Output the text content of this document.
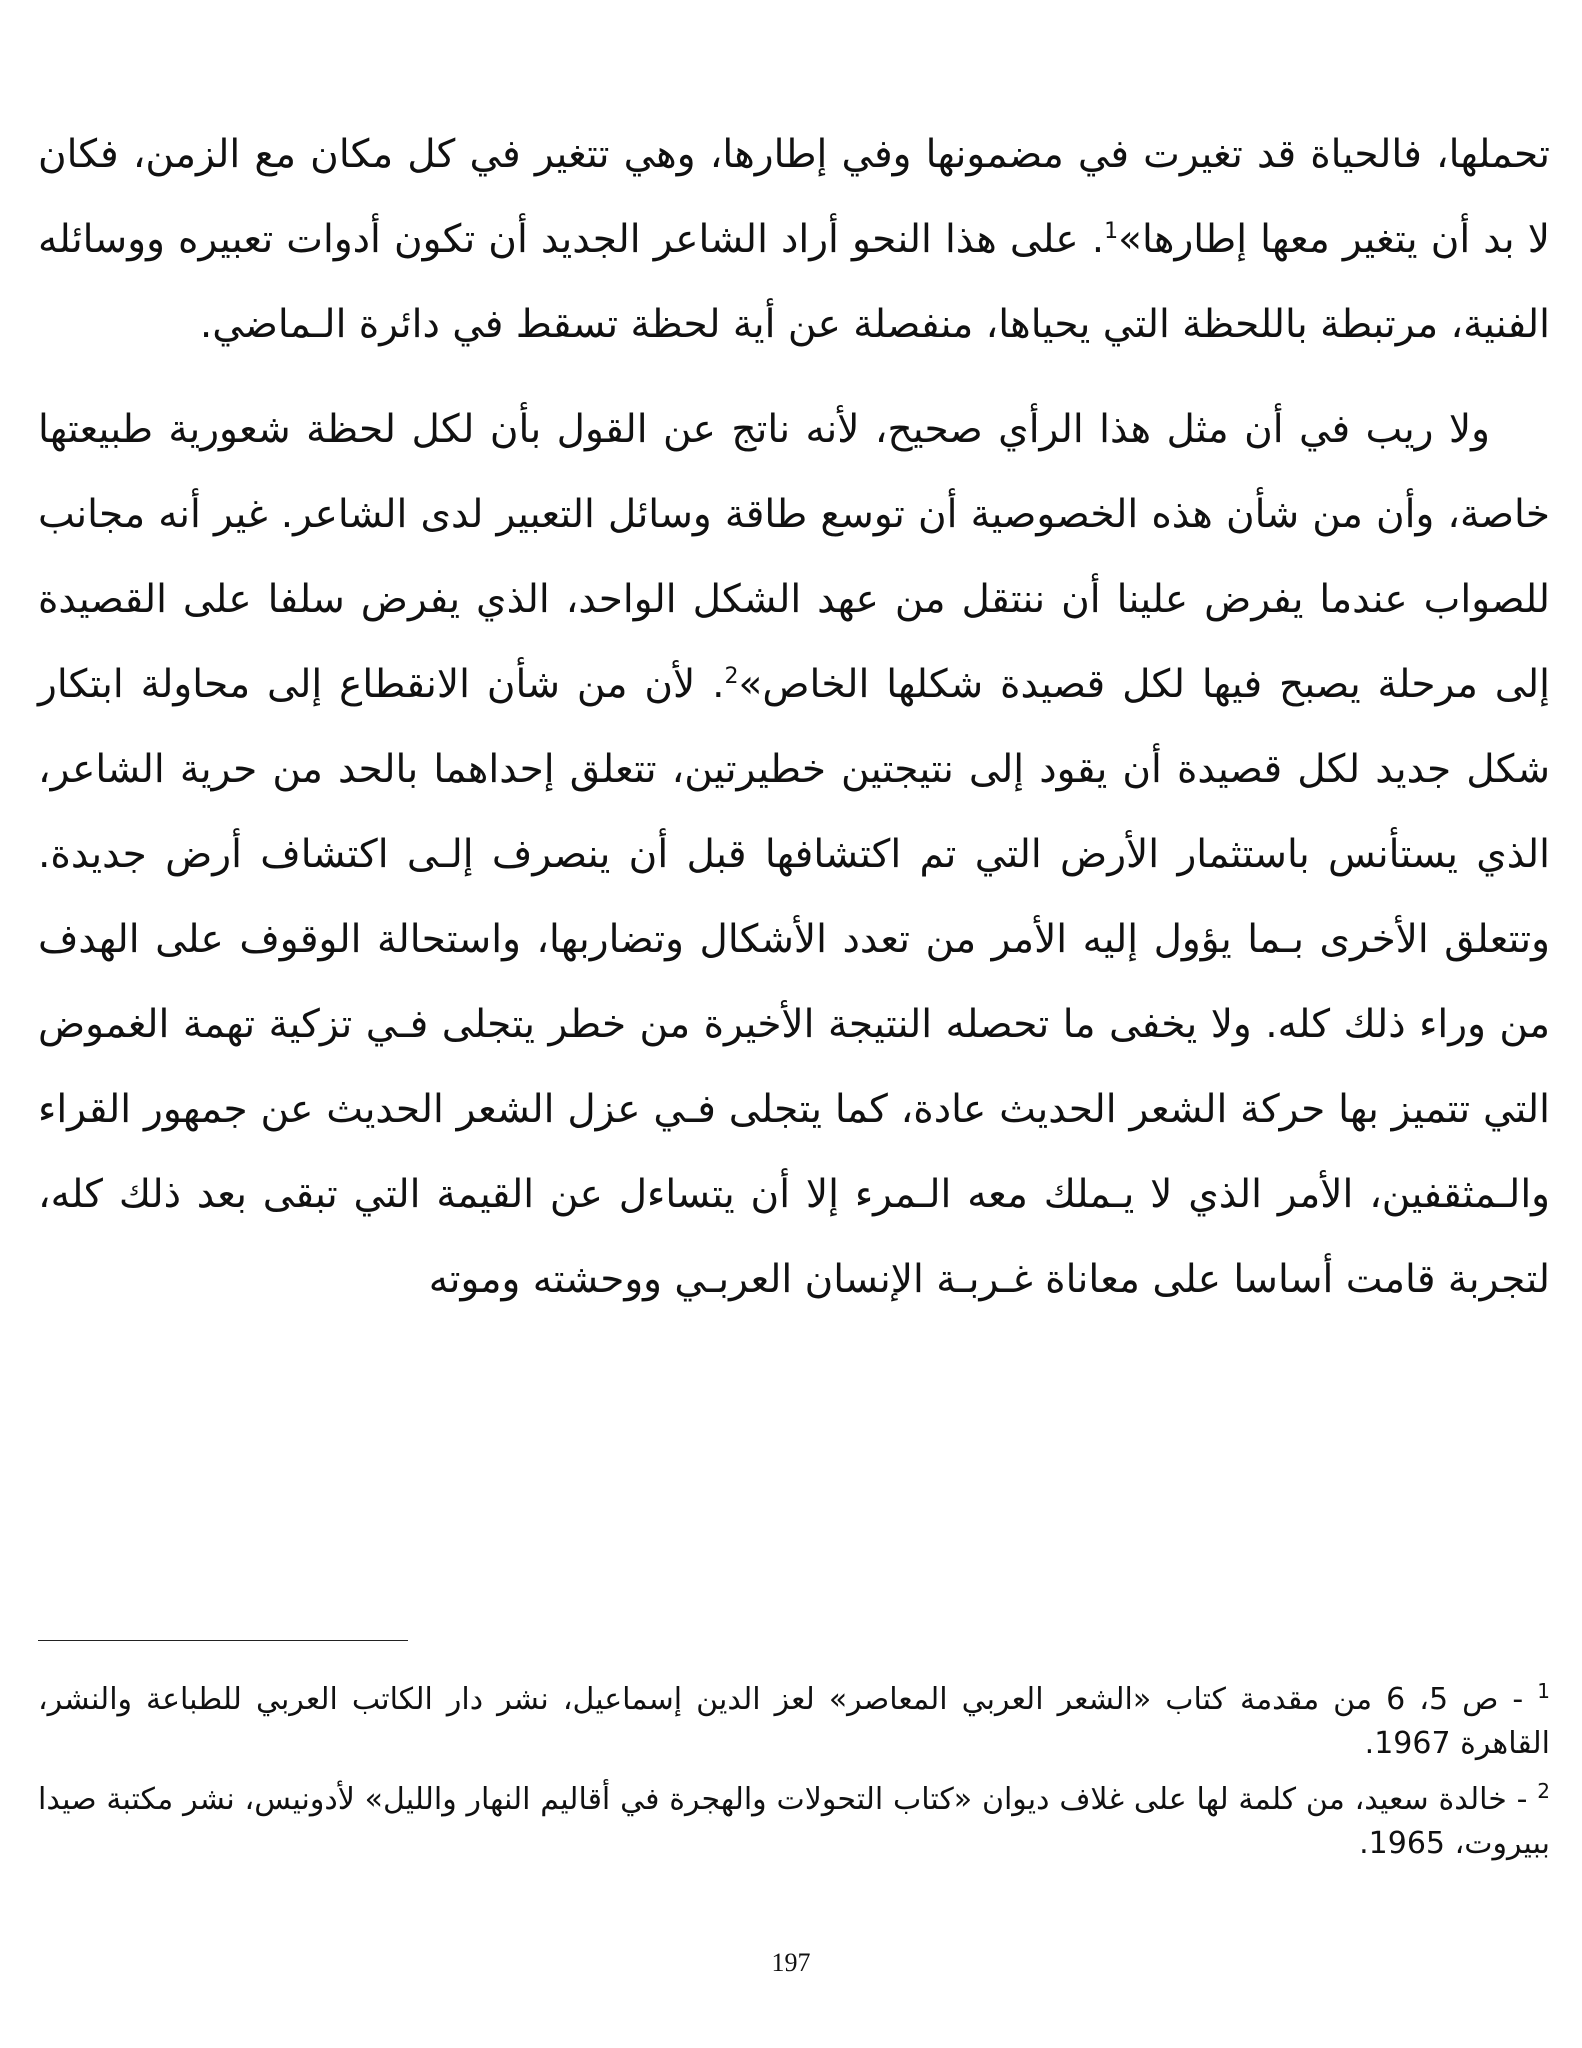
تحملها، فالحياة قد تغيرت في مضمونها وفي إطارها، وهي تتغير في كل مكان مع الزمن، فكان لا بد أن يتغير معها إطارها»$^1$. على هذا النحو أراد الشاعر الجديد أن تكون أدوات تعبيره ووسائله الفنية، مرتبطة باللحظة التي يحياها، منفصلة عن أية لحظة تسقط في دائرة الـماضي.

ولا ريب في أن مثل هذا الرأي صحيح، لأنه ناتج عن القول بأن لكل لحظة شعورية طبيعتها خاصة، وأن من شأن هذه الخصوصية أن توسع طاقة وسائل التعبير لدى الشاعر. غير أنه مجانب للصواب عندما يفرض علينا أن ننتقل من عهد الشكل الواحد، الذي يفرض سلفا على القصيدة إلى مرحلة يصبح فيها لكل قصيدة شكلها الخاص»$^2$. لأن من شأن الانقطاع إلى محاولة ابتكار شكل جديد لكل قصيدة أن يقود إلى نتيجتين خطيرتين، تتعلق إحداهما بالحد من حرية الشاعر، الذي يستأنس باستثمار الأرض التي تم اكتشافها قبل أن ينصرف إلـى اكتشاف أرض جديدة. وتتعلق الأخرى بـما يؤول إليه الأمر من تعدد الأشكال وتضاربها، واستحالة الوقوف على الهدف من وراء ذلك كله. ولا يخفى ما تحصله النتيجة الأخيرة من خطر يتجلى فـي تزكية تهمة الغموض التي تتميز بها حركة الشعر الحديث عادة، كما يتجلى فـي عزل الشعر الحديث عن جمهور القراء والـمثقفين، الأمر الذي لا يـملك معه الـمرء إلا أن يتساءل عن القيمة التي تبقى بعد ذلك كله، لتجربة قامت أساسا على معاناة غـربـة الإنسان العربـي ووحشته وموته

$^1$ - ص 5، 6 من مقدمة كتاب «الشعر العربي المعاصر» لعز الدين إسماعيل، نشر دار الكاتب العربي للطباعة والنشر، القاهرة 1967.

$^2$ - خالدة سعيد، من كلمة لها على غلاف ديوان «كتاب التحولات والهجرة في أقاليم النهار والليل» لأدونيس، نشر مكتبة صيدا ببيروت، 1965.

197
